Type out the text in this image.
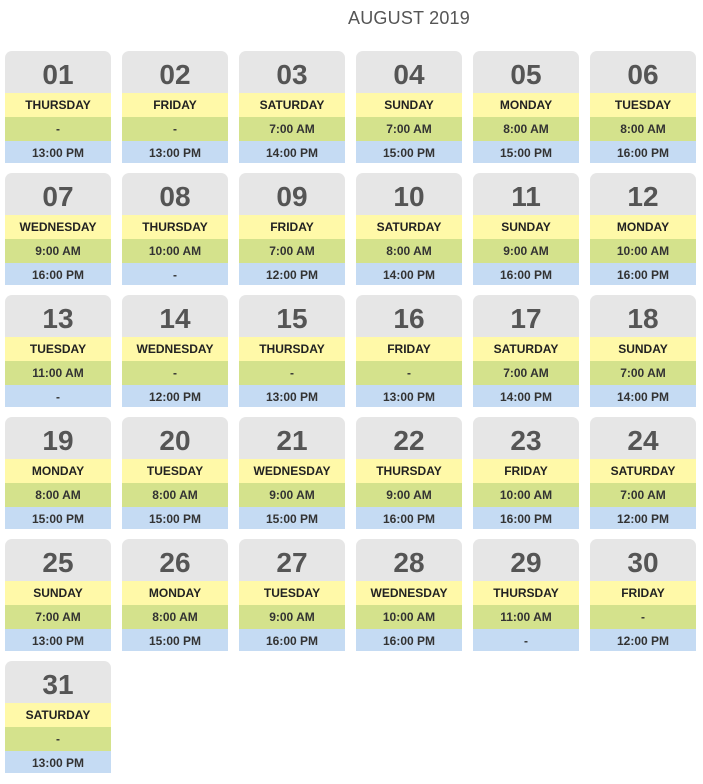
AUGUST 2019
01
THURSDAY
-
13:00 PM
02
FRIDAY
-
13:00 PM
03
SATURDAY
7:00 AM
14:00 PM
04
SUNDAY
7:00 AM
15:00 PM
05
MONDAY
8:00 AM
15:00 PM
06
TUESDAY
8:00 AM
16:00 PM
07
WEDNESDAY
9:00 AM
16:00 PM
08
THURSDAY
10:00 AM
-
09
FRIDAY
7:00 AM
12:00 PM
10
SATURDAY
8:00 AM
14:00 PM
11
SUNDAY
9:00 AM
16:00 PM
12
MONDAY
10:00 AM
16:00 PM
13
TUESDAY
11:00 AM
-
14
WEDNESDAY
-
12:00 PM
15
THURSDAY
-
13:00 PM
16
FRIDAY
-
13:00 PM
17
SATURDAY
7:00 AM
14:00 PM
18
SUNDAY
7:00 AM
14:00 PM
19
MONDAY
8:00 AM
15:00 PM
20
TUESDAY
8:00 AM
15:00 PM
21
WEDNESDAY
9:00 AM
15:00 PM
22
THURSDAY
9:00 AM
16:00 PM
23
FRIDAY
10:00 AM
16:00 PM
24
SATURDAY
7:00 AM
12:00 PM
25
SUNDAY
7:00 AM
13:00 PM
26
MONDAY
8:00 AM
15:00 PM
27
TUESDAY
9:00 AM
16:00 PM
28
WEDNESDAY
10:00 AM
16:00 PM
29
THURSDAY
11:00 AM
-
30
FRIDAY
-
12:00 PM
31
SATURDAY
-
13:00 PM
